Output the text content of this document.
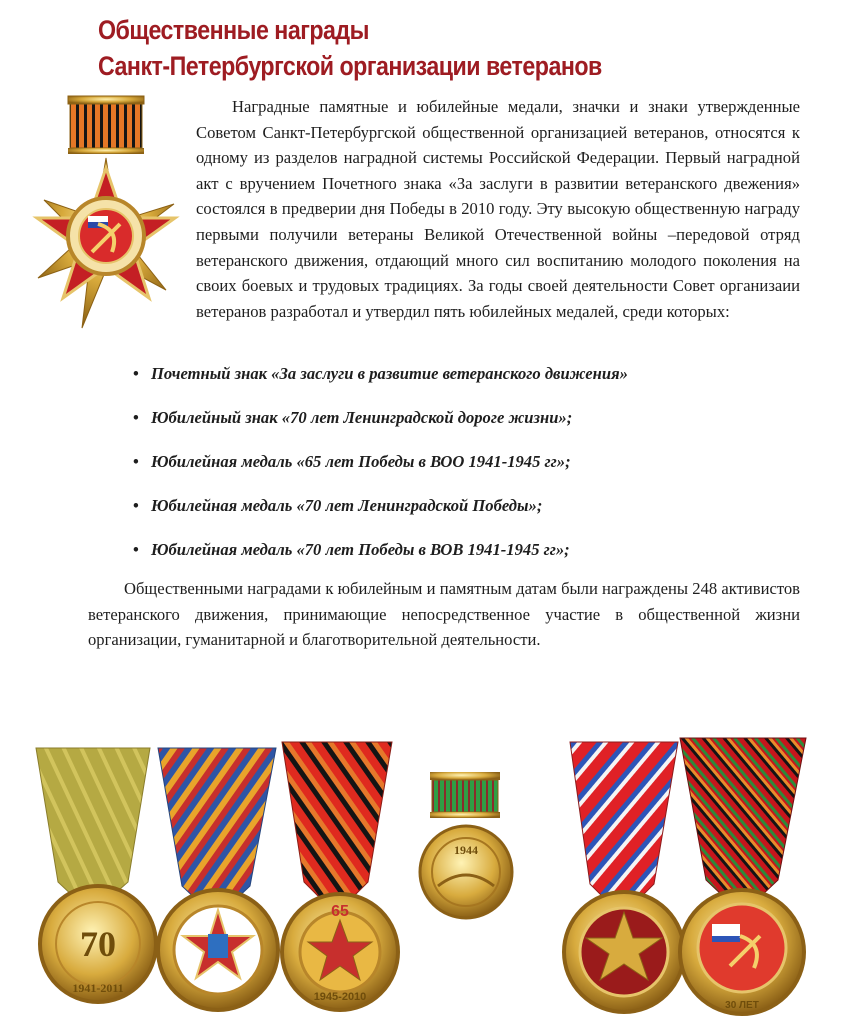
Общественные награды
Санкт-Петербургской организации ветеранов

Наградные памятные и юбилейные медали, значки и знаки утвержденные Советом Санкт-Петербургской общественной организацией ветеранов, относятся к одному из разделов наградной системы Российской Федерации. Первый наградной акт с вручением Почетного знака «За заслуги в развитии ветеранского двежения» состоялся в предверии дня Победы в 2010 году. Эту высокую общественную награду первыми получили ветераны Великой Отечественной войны –передовой отряд ветеранского движения, отдающий много сил воспитанию молодого поколения на своих боевых и трудовых традициях. За годы своей деятельности Совет организаии ветеранов разработал и утвердил пять юбилейных медалей, среди которых:

• Почетный знак «За заслуги в развитие ветеранского движения»
• Юбилейный знак «70 лет Ленинградской дороге жизни»;
• Юбилейная медаль «65 лет Победы в ВОО 1941-1945 гг»;
• Юбилейная медаль «70 лет Ленинградской Победы»;
• Юбилейная медаль «70 лет Победы в ВОВ 1941-1945 гг»;

Общественными наградами к юбилейным и памятным датам были награждены 248 активистов ветеранского движения, принимающие непосредственное участие в общественной жизни организации, гуманитарной и благотворительной деятельности.

70
1941-2011
65
1945-2010
1944
30 ЛЕТ
